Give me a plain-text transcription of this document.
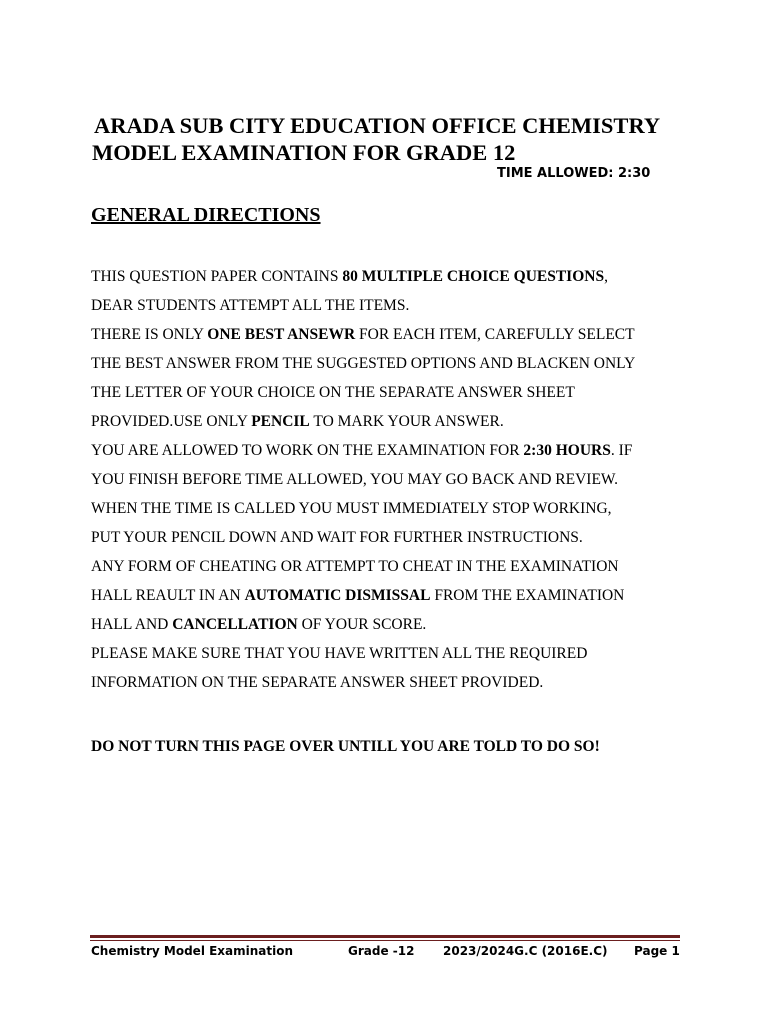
ARADA SUB CITY EDUCATION OFFICE CHEMISTRY
MODEL EXAMINATION FOR GRADE 12
TIME ALLOWED: 2:30
GENERAL DIRECTIONS
THIS QUESTION PAPER CONTAINS 80 MULTIPLE CHOICE QUESTIONS,
DEAR STUDENTS ATTEMPT ALL THE ITEMS.
THERE IS ONLY ONE BEST ANSEWR FOR EACH ITEM, CAREFULLY SELECT
THE BEST ANSWER FROM THE SUGGESTED OPTIONS AND BLACKEN ONLY
THE LETTER OF YOUR CHOICE ON THE SEPARATE ANSWER SHEET
PROVIDED.USE ONLY PENCIL TO MARK YOUR ANSWER.
YOU ARE ALLOWED TO WORK ON THE EXAMINATION FOR 2:30 HOURS. IF
YOU FINISH BEFORE TIME ALLOWED, YOU MAY GO BACK AND REVIEW.
WHEN THE TIME IS CALLED YOU MUST IMMEDIATELY STOP WORKING,
PUT YOUR PENCIL DOWN AND WAIT FOR FURTHER INSTRUCTIONS.
ANY FORM OF CHEATING OR ATTEMPT TO CHEAT IN THE EXAMINATION
HALL REAULT IN AN AUTOMATIC DISMISSAL FROM THE EXAMINATION
HALL AND CANCELLATION OF YOUR SCORE.
PLEASE MAKE SURE THAT YOU HAVE WRITTEN ALL THE REQUIRED
INFORMATION ON THE SEPARATE ANSWER SHEET PROVIDED.
DO NOT TURN THIS PAGE OVER UNTILL YOU ARE TOLD TO DO SO!
Chemistry Model Examination	Grade -12 2023/2024G.C (2016E.C) Page 1
